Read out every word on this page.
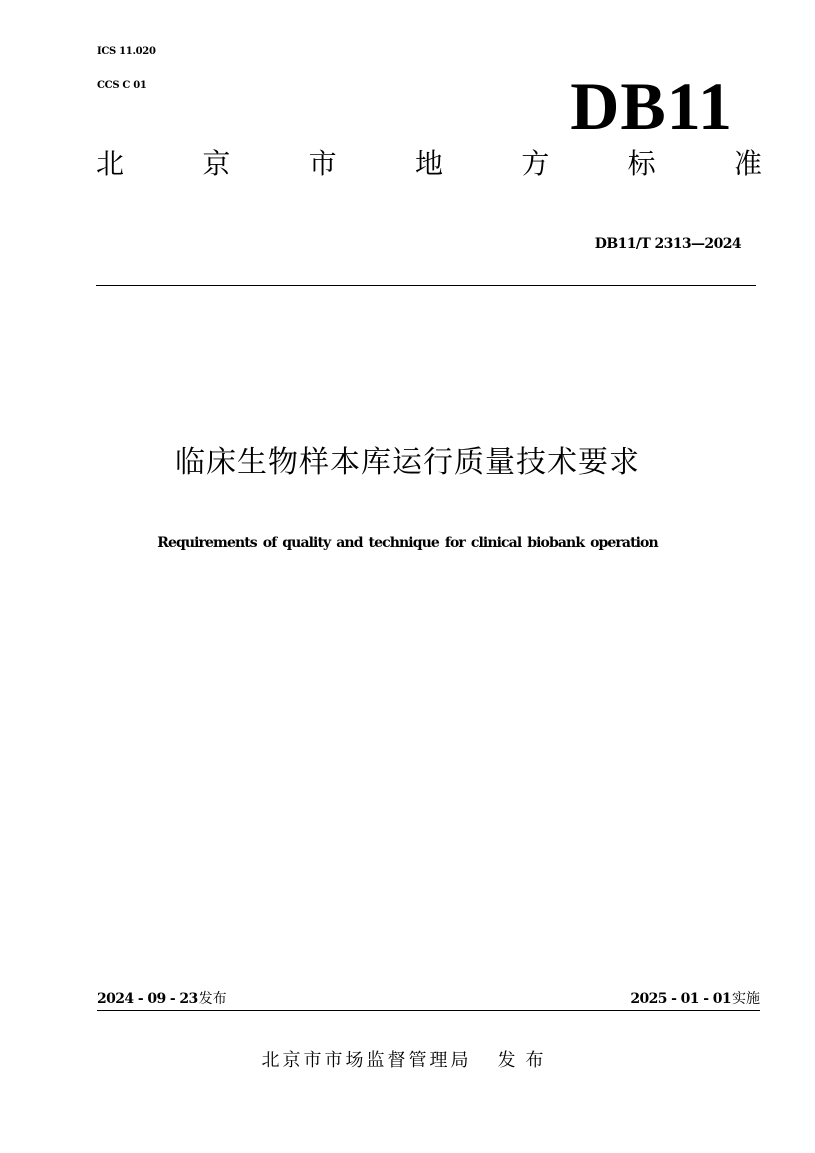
ICS 11.020
CCS C 01	DB11
北	京	市	地	方	标	准
DB11/T 2313—2024
临床生物样本库运行质量技术要求
Requirements of quality and technique for clinical biobank operation
2024 - 09 - 23 发布	2025 - 01 - 01 实施
北京市市场监督管理局 发布
